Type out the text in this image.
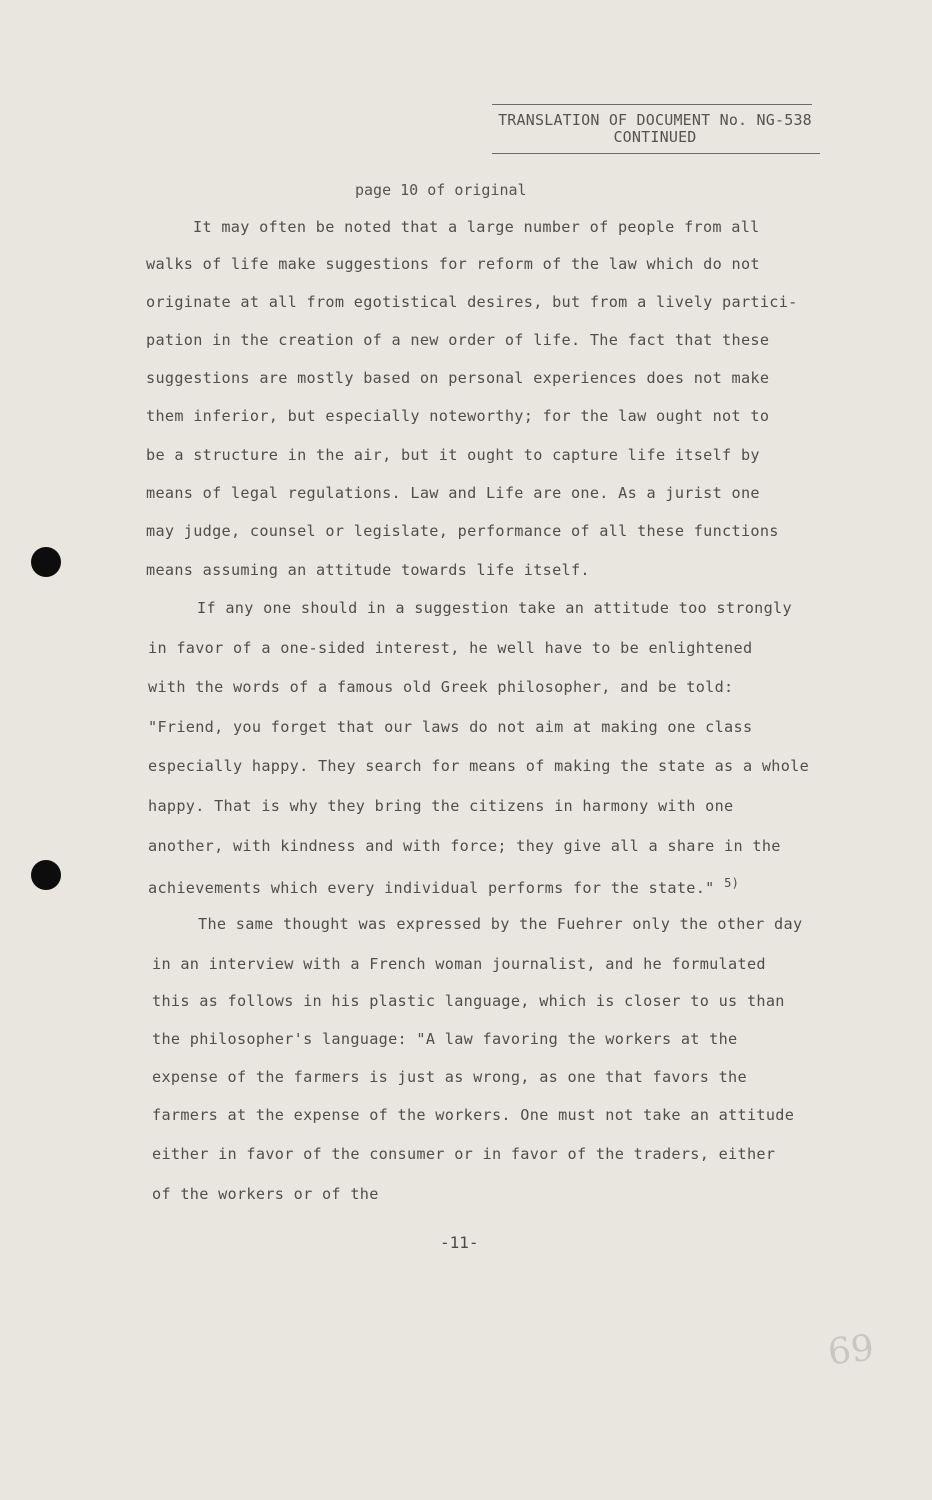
TRANSLATION OF DOCUMENT No. NG-538
CONTINUED
page 10 of original
It may often be noted that a large number of people from all
walks of life make suggestions for reform of the law which do not
originate at all from egotistical desires, but from a lively partici-
pation in the creation of a new order of life. The fact that these
suggestions are mostly based on personal experiences does not make
them inferior, but especially noteworthy; for the law ought not to
be a structure in the air, but it ought to capture life itself by
means of legal regulations. Law and Life are one. As a jurist one
may judge, counsel or legislate, performance of all these functions
means assuming an attitude towards life itself.
If any one should in a suggestion take an attitude too strongly
in favor of a one-sided interest, he well have to be enlightened
with the words of a famous old Greek philosopher, and be told:
"Friend, you forget that our laws do not aim at making one class
especially happy. They search for means of making the state as a whole
happy. That is why they bring the citizens in harmony with one
another, with kindness and with force; they give all a share in the
achievements which every individual performs for the state." $^{5)}$
The same thought was expressed by the Fuehrer only the other day
in an interview with a French woman journalist, and he formulated
this as follows in his plastic language, which is closer to us than
the philosopher's language: "A law favoring the workers at the
expense of the farmers is just as wrong, as one that favors the
farmers at the expense of the workers. One must not take an attitude
either in favor of the consumer or in favor of the traders, either
of the workers or of the
-11-
69
